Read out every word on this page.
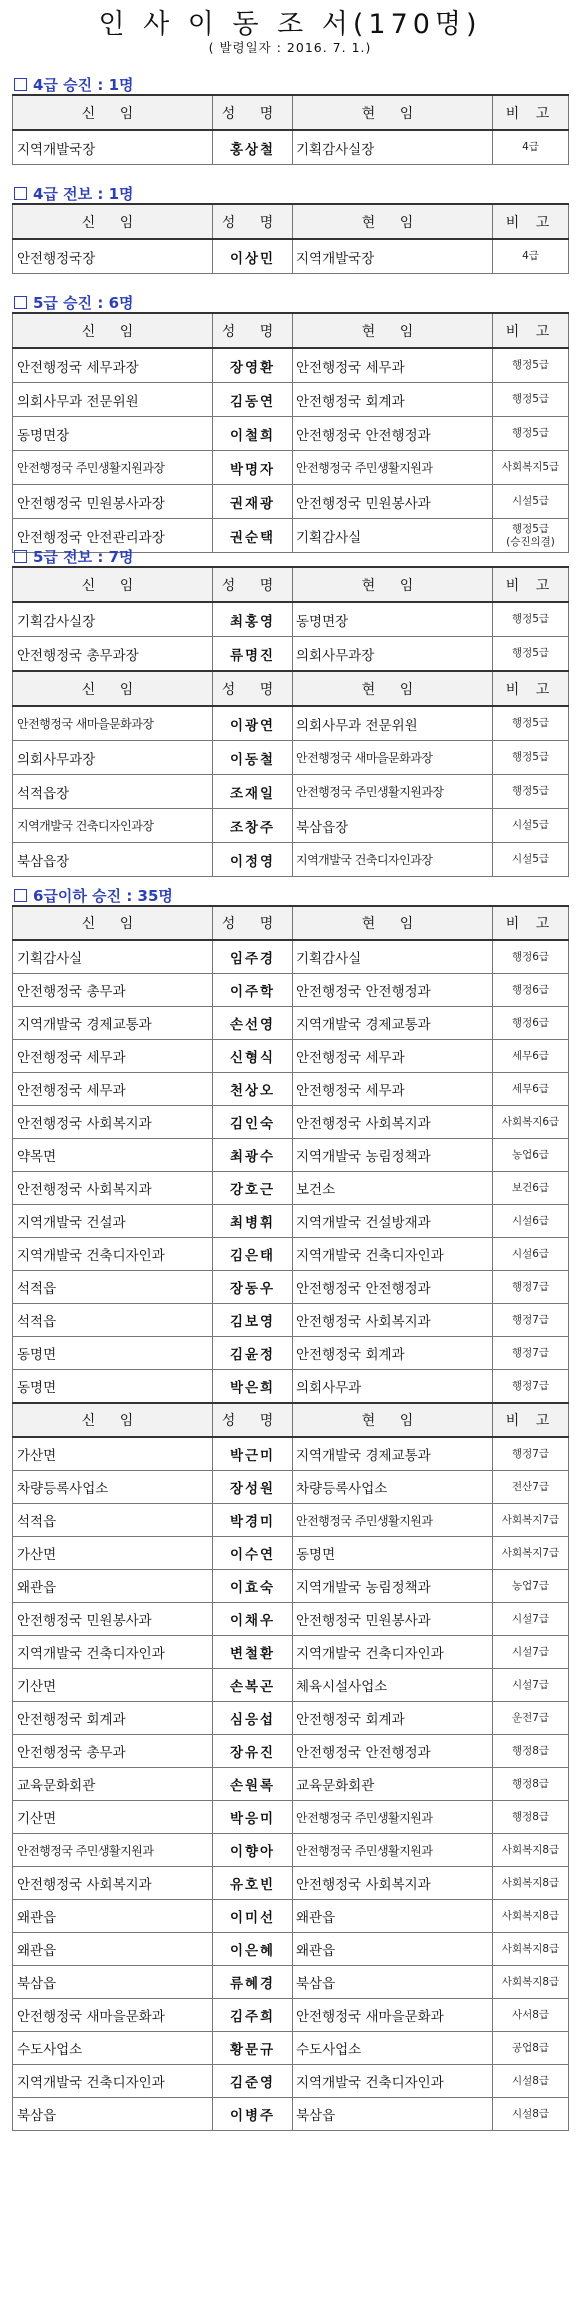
인 사 이 동 조 서(170명)
( 발령일자 : 2016. 7. 1.)
4급 승진 : 1명
신 임	성 명	현 임	비 고
지역개발국장	홍상철	기획감사실장	4급
4급 전보 : 1명
신 임	성 명	현 임	비 고
안전행정국장	이상민	지역개발국장	4급
5급 승진 : 6명
신 임	성 명	현 임	비 고
안전행정국 세무과장	장영환	안전행정국 세무과	행정5급
의회사무과 전문위원	김동연	안전행정국 회계과	행정5급
동명면장	이철희	안전행정국 안전행정과	행정5급
안전행정국 주민생활지원과장	박명자	안전행정국 주민생활지원과	사회복지5급
안전행정국 민원봉사과장	권재광	안전행정국 민원봉사과	시설5급
안전행정국 안전관리과장	권순택	기획감사실	행정5급
(승진의결)
5급 전보 : 7명
신 임	성 명	현 임	비 고
기획감사실장	최홍영	동명면장	행정5급
안전행정국 총무과장	류명진	의회사무과장	행정5급
신 임	성 명	현 임	비 고
안전행정국 새마을문화과장	이광연	의회사무과 전문위원	행정5급
의회사무과장	이동철	안전행정국 새마을문화과장	행정5급
석적읍장	조재일	안전행정국 주민생활지원과장	행정5급
지역개발국 건축디자인과장	조창주	북삼읍장	시설5급
북삼읍장	이정영	지역개발국 건축디자인과장	시설5급
6급이하 승진 : 35명
신 임	성 명	현 임	비 고
기획감사실	임주경	기획감사실	행정6급
안전행정국 총무과	이주학	안전행정국 안전행정과	행정6급
지역개발국 경제교통과	손선영	지역개발국 경제교통과	행정6급
안전행정국 세무과	신형식	안전행정국 세무과	세무6급
안전행정국 세무과	천상오	안전행정국 세무과	세무6급
안전행정국 사회복지과	김인숙	안전행정국 사회복지과	사회복지6급
약목면	최광수	지역개발국 농림정책과	농업6급
안전행정국 사회복지과	강호근	보건소	보건6급
지역개발국 건설과	최병휘	지역개발국 건설방재과	시설6급
지역개발국 건축디자인과	김은태	지역개발국 건축디자인과	시설6급
석적읍	장동우	안전행정국 안전행정과	행정7급
석적읍	김보영	안전행정국 사회복지과	행정7급
동명면	김윤정	안전행정국 회계과	행정7급
동명면	박은희	의회사무과	행정7급
신 임	성 명	현 임	비 고
가산면	박근미	지역개발국 경제교통과	행정7급
차량등록사업소	장성원	차량등록사업소	전산7급
석적읍	박경미	안전행정국 주민생활지원과	사회복지7급
가산면	이수연	동명면	사회복지7급
왜관읍	이효숙	지역개발국 농림정책과	농업7급
안전행정국 민원봉사과	이채우	안전행정국 민원봉사과	시설7급
지역개발국 건축디자인과	변철환	지역개발국 건축디자인과	시설7급
기산면	손복곤	체육시설사업소	시설7급
안전행정국 회계과	심응섭	안전행정국 회계과	운전7급
안전행정국 총무과	장유진	안전행정국 안전행정과	행정8급
교육문화회관	손원록	교육문화회관	행정8급
기산면	박응미	안전행정국 주민생활지원과	행정8급
안전행정국 주민생활지원과	이향아	안전행정국 주민생활지원과	사회복지8급
안전행정국 사회복지과	유호빈	안전행정국 사회복지과	사회복지8급
왜관읍	이미선	왜관읍	사회복지8급
왜관읍	이은혜	왜관읍	사회복지8급
북삼읍	류혜경	북삼읍	사회복지8급
안전행정국 새마을문화과	김주희	안전행정국 새마을문화과	사서8급
수도사업소	황문규	수도사업소	공업8급
지역개발국 건축디자인과	김준영	지역개발국 건축디자인과	시설8급
북삼읍	이병주	북삼읍	시설8급
